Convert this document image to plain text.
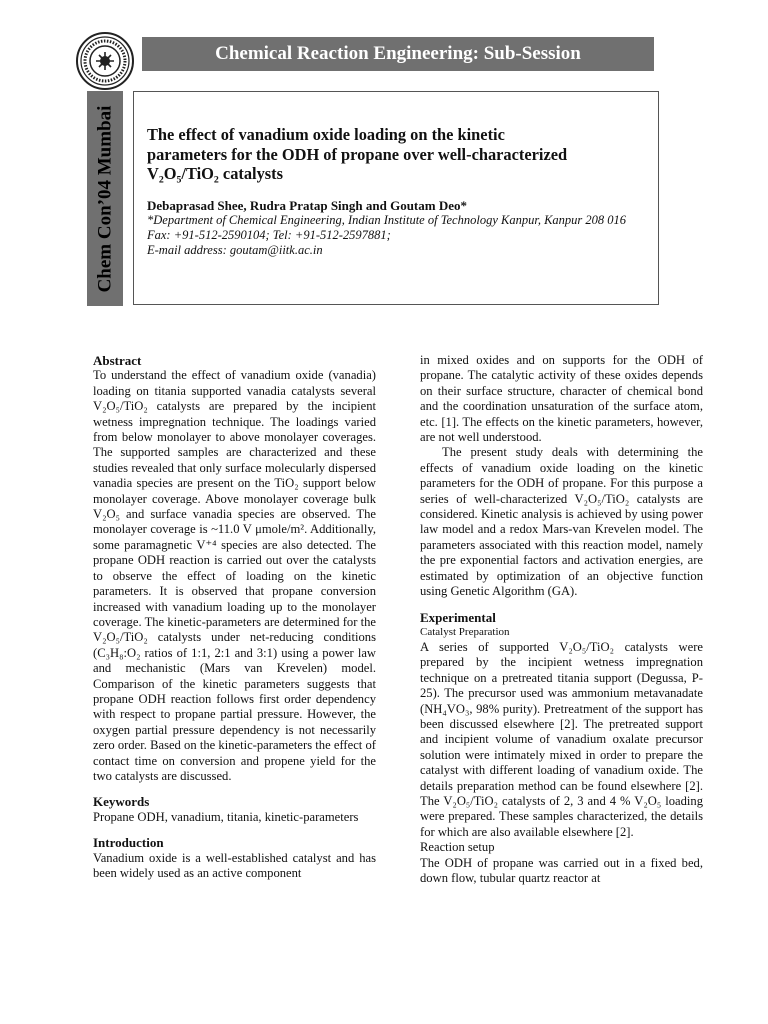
Chemical Reaction Engineering: Sub-Session
Chem Con’04 Mumbai The effect of vanadium oxide loading on the kinetic
parameters for the ODH of propane over well-characterized
V₂O₅/TiO₂ catalysts
Debaprasad Shee, Rudra Pratap Singh and Goutam Deo*
*Department of Chemical Engineering, Indian Institute of Technology Kanpur, Kanpur 208 016
Fax: +91-512-2590104; Tel: +91-512-2597881;
E-mail address: goutam@iitk.ac.in
Abstract

To understand the effect of vanadium oxide (vanadia) loading on titania supported vanadia catalysts several V₂O₅/TiO₂ catalysts are prepared by the incipient wetness impregnation technique. The loadings varied from below monolayer to above monolayer coverages. The supported samples are characterized and these studies revealed that only surface molecularly dispersed vanadia species are present on the TiO₂ support below monolayer coverage. Above monolayer coverage bulk V₂O₅ and surface vanadia species are observed. The monolayer coverage is ~11.0 V μmole/m². Additionally, some paramagnetic V⁺⁴ species are also detected. The propane ODH reaction is carried out over the catalysts to observe the effect of loading on the kinetic parameters. It is observed that propane conversion increased with vanadium loading up to the monolayer coverage. The kinetic-parameters are determined for the V₂O₅/TiO₂ catalysts under net-reducing conditions (C₃H₈:O₂ ratios of 1:1, 2:1 and 3:1) using a power law and mechanistic (Mars van Krevelen) model. Comparison of the kinetic parameters suggests that propane ODH reaction follows first order dependency with respect to propane partial pressure. However, the oxygen partial pressure dependency is not necessarily zero order. Based on the kinetic-parameters the effect of contact time on conversion and propene yield for the two catalysts are discussed.

Keywords

Propane ODH, vanadium, titania, kinetic-parameters

Introduction

Vanadium oxide is a well-established catalyst and has been widely used as an active component

in mixed oxides and on supports for the ODH of propane. The catalytic activity of these oxides depends on their surface structure, character of chemical bond and the coordination unsaturation of the surface atom, etc. [1]. The effects on the kinetic parameters, however, are not well understood.

The present study deals with determining the effects of vanadium oxide loading on the kinetic parameters for the ODH of propane. For this purpose a series of well-characterized V₂O₅/TiO₂ catalysts are considered. Kinetic analysis is achieved by using power law model and a redox Mars-van Krevelen model. The parameters associated with this reaction model, namely the pre exponential factors and activation energies, are estimated by optimization of an objective function using Genetic Algorithm (GA).

Experimental

Catalyst Preparation

A series of supported V₂O₅/TiO₂ catalysts were prepared by the incipient wetness impregnation technique on a pretreated titania support (Degussa, P-25). The precursor used was ammonium metavanadate (NH₄VO₃, 98% purity). Pretreatment of the support has been discussed elsewhere [2]. The pretreated support and incipient volume of vanadium oxalate precursor solution were intimately mixed in order to prepare the catalyst with different loading of vanadium oxide. The details preparation method can be found elsewhere [2]. The V₂O₅/TiO₂ catalysts of 2, 3 and 4 % V₂O₅ loading were prepared. These samples characterized, the details for which are also available elsewhere [2].

Reaction setup

The ODH of propane was carried out in a fixed bed, down flow, tubular quartz reactor at
